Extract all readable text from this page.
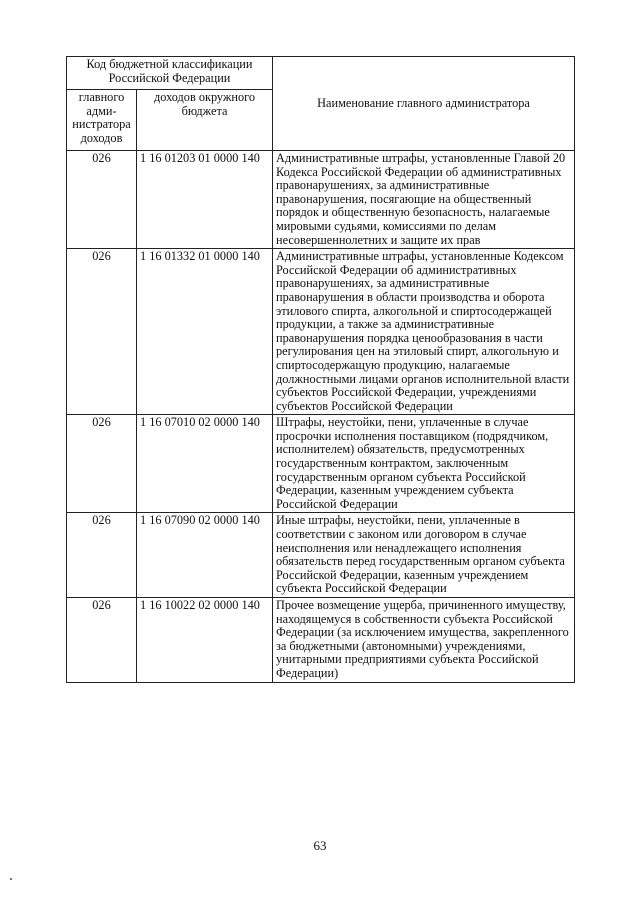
Код бюджетной классификации Российской Федерации		Наименование главного администратора
главного адми- нистратора доходов	доходов окружного бюджета	
026	1 16 01203 01 0000 140	Административные штрафы, установленные Главой 20 Кодекса Российской Федерации об административных правонарушениях, за административные правонарушения, посягающие на общественный порядок и общественную безопасность, налагаемые мировыми судьями, комиссиями по делам несовершеннолетних и защите их прав
026	1 16 01332 01 0000 140	Административные штрафы, установленные Кодексом Российской Федерации об административных правонарушениях, за административные правонарушения в области производства и оборота этилового спирта, алкогольной и спиртосодержащей продукции, а также за административные правонарушения порядка ценообразования в части регулирования цен на этиловый спирт, алкогольную и спиртосодержащую продукцию, налагаемые должностными лицами органов исполнительной власти субъектов Российской Федерации, учреждениями субъектов Российской Федерации
026	1 16 07010 02 0000 140	Штрафы, неустойки, пени, уплаченные в случае просрочки исполнения поставщиком (подрядчиком, исполнителем) обязательств, предусмотренных государственным контрактом, заключенным государственным органом субъекта Российской Федерации, казенным учреждением субъекта Российской Федерации
026	1 16 07090 02 0000 140	Иные штрафы, неустойки, пени, уплаченные в соответствии с законом или договором в случае неисполнения или ненадлежащего исполнения обязательств перед государственным органом субъекта Российской Федерации, казенным учреждением субъекта Российской Федерации
026	1 16 10022 02 0000 140	Прочее возмещение ущерба, причиненного имуществу, находящемуся в собственности субъекта Российской Федерации (за исключением имущества, закрепленного за бюджетными (автономными) учреждениями, унитарными предприятиями субъекта Российской Федерации)
63
